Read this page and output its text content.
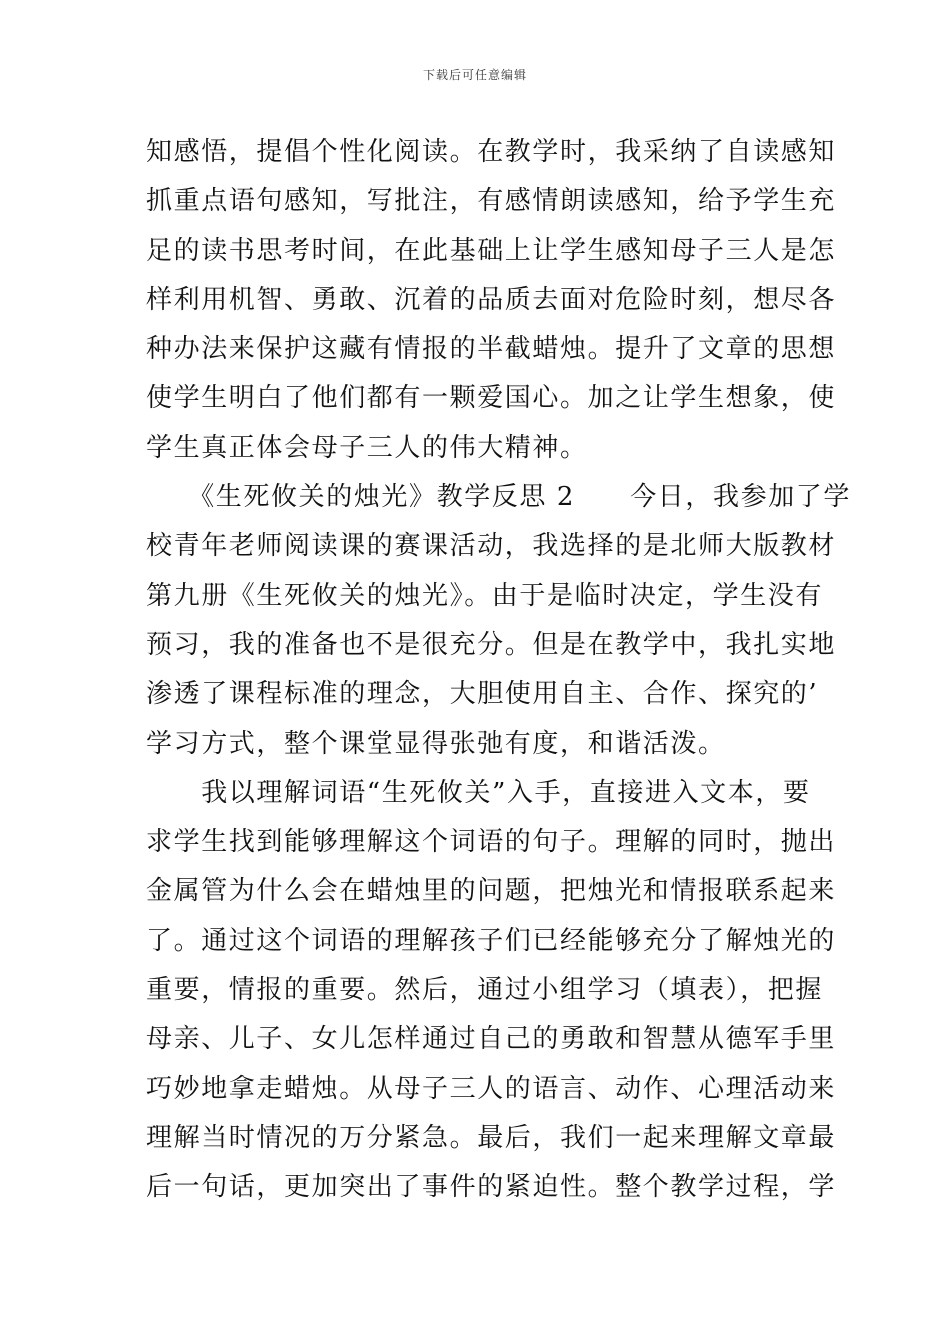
下载后可任意编辑
知感悟，提倡个性化阅读。在教学时，我采纳了自读感知
抓重点语句感知，写批注，有感情朗读感知，给予学生充
足的读书思考时间，在此基础上让学生感知母子三人是怎
样利用机智、勇敢、沉着的品质去面对危险时刻，想尽各
种办法来保护这藏有情报的半截蜡烛。提升了文章的思想
使学生明白了他们都有一颗爱国心。加之让学生想象，使
学生真正体会母子三人的伟大精神。
　　《生死攸关的烛光》教学反思 2　　今日，我参加了学
校青年老师阅读课的赛课活动，我选择的是北师大版教材
第九册《生死攸关的烛光》。由于是临时决定，学生没有
预习，我的准备也不是很充分。但是在教学中，我扎实地
渗透了课程标准的理念，大胆使用自主、合作、探究的’
学习方式，整个课堂显得张弛有度，和谐活泼。
　　我以理解词语“生死攸关”入手，直接进入文本，要
求学生找到能够理解这个词语的句子。理解的同时，抛出
金属管为什么会在蜡烛里的问题，把烛光和情报联系起来
了。通过这个词语的理解孩子们已经能够充分了解烛光的
重要，情报的重要。然后，通过小组学习（填表），把握
母亲、儿子、女儿怎样通过自己的勇敢和智慧从德军手里
巧妙地拿走蜡烛。从母子三人的语言、动作、心理活动来
理解当时情况的万分紧急。最后，我们一起来理解文章最
后一句话，更加突出了事件的紧迫性。整个教学过程，学
